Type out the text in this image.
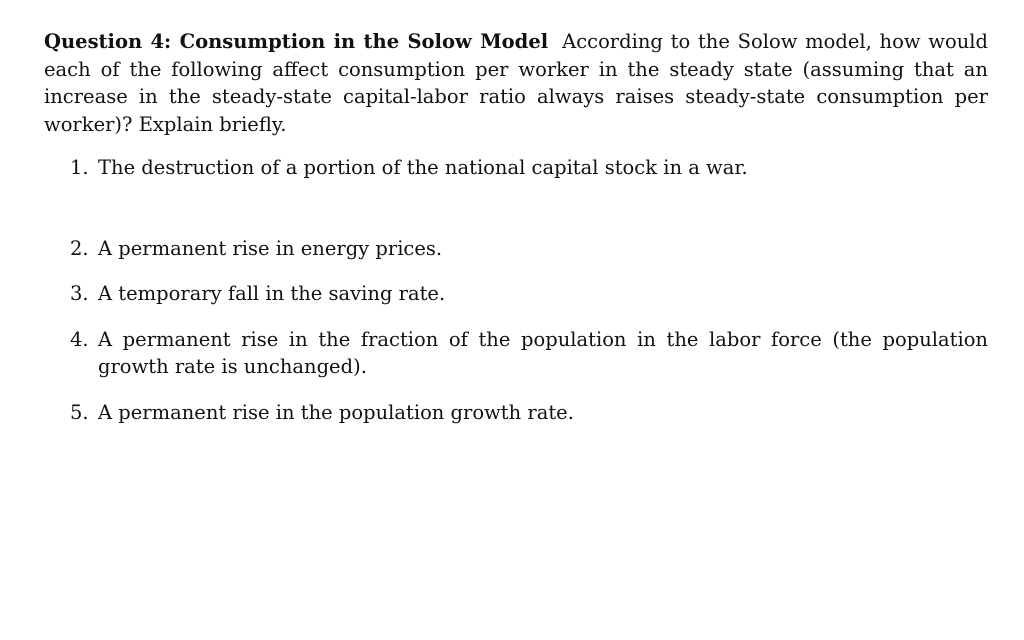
Question 4: Consumption in the Solow Model According to the Solow model, how would each of the following affect consumption per worker in the steady state (assuming that an increase in the steady-state capital-labor ratio always raises steady-state consumption per worker)? Explain briefly.

1. The destruction of a portion of the national capital stock in a war.
2. A permanent rise in energy prices.
3. A temporary fall in the saving rate.
4. A permanent rise in the fraction of the population in the labor force (the population growth rate is unchanged).
5. A permanent rise in the population growth rate.
